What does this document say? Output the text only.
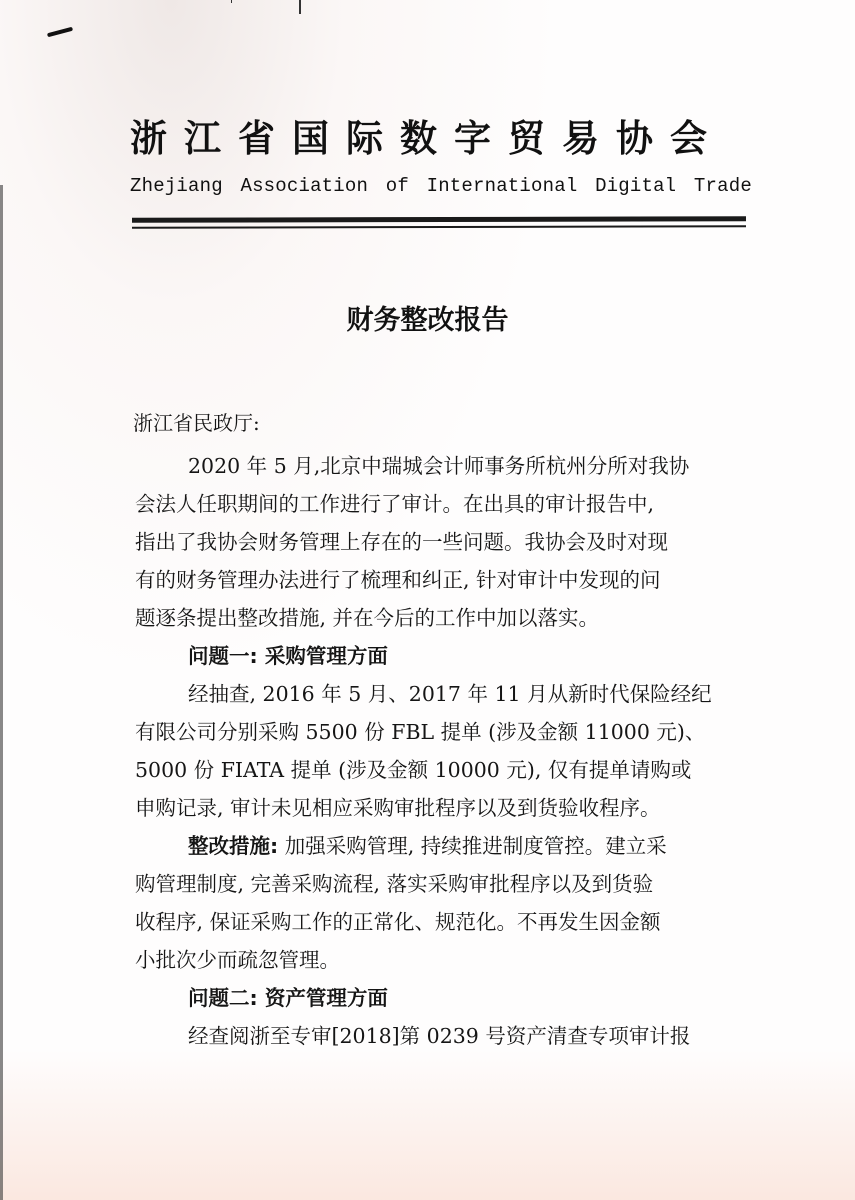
浙江省国际数字贸易协会
Zhejiang Association of International Digital Trade
财务整改报告
浙江省民政厅:
2020 年 5 月,北京中瑞城会计师事务所杭州分所对我协
会法人任职期间的工作进行了审计。在出具的审计报告中,
指出了我协会财务管理上存在的一些问题。我协会及时对现
有的财务管理办法进行了梳理和纠正, 针对审计中发现的问
题逐条提出整改措施, 并在今后的工作中加以落实。
问题一: 采购管理方面
经抽查, 2016 年 5 月、2017 年 11 月从新时代保险经纪
有限公司分别采购 5500 份 FBL 提单 (涉及金额 11000 元)、
5000 份 FIATA 提单 (涉及金额 10000 元), 仅有提单请购或
申购记录, 审计未见相应采购审批程序以及到货验收程序。
整改措施: 加强采购管理, 持续推进制度管控。建立采
购管理制度, 完善采购流程, 落实采购审批程序以及到货验
收程序, 保证采购工作的正常化、规范化。不再发生因金额
小批次少而疏忽管理。
问题二: 资产管理方面
经查阅浙至专审[2018]第 0239 号资产清查专项审计报
